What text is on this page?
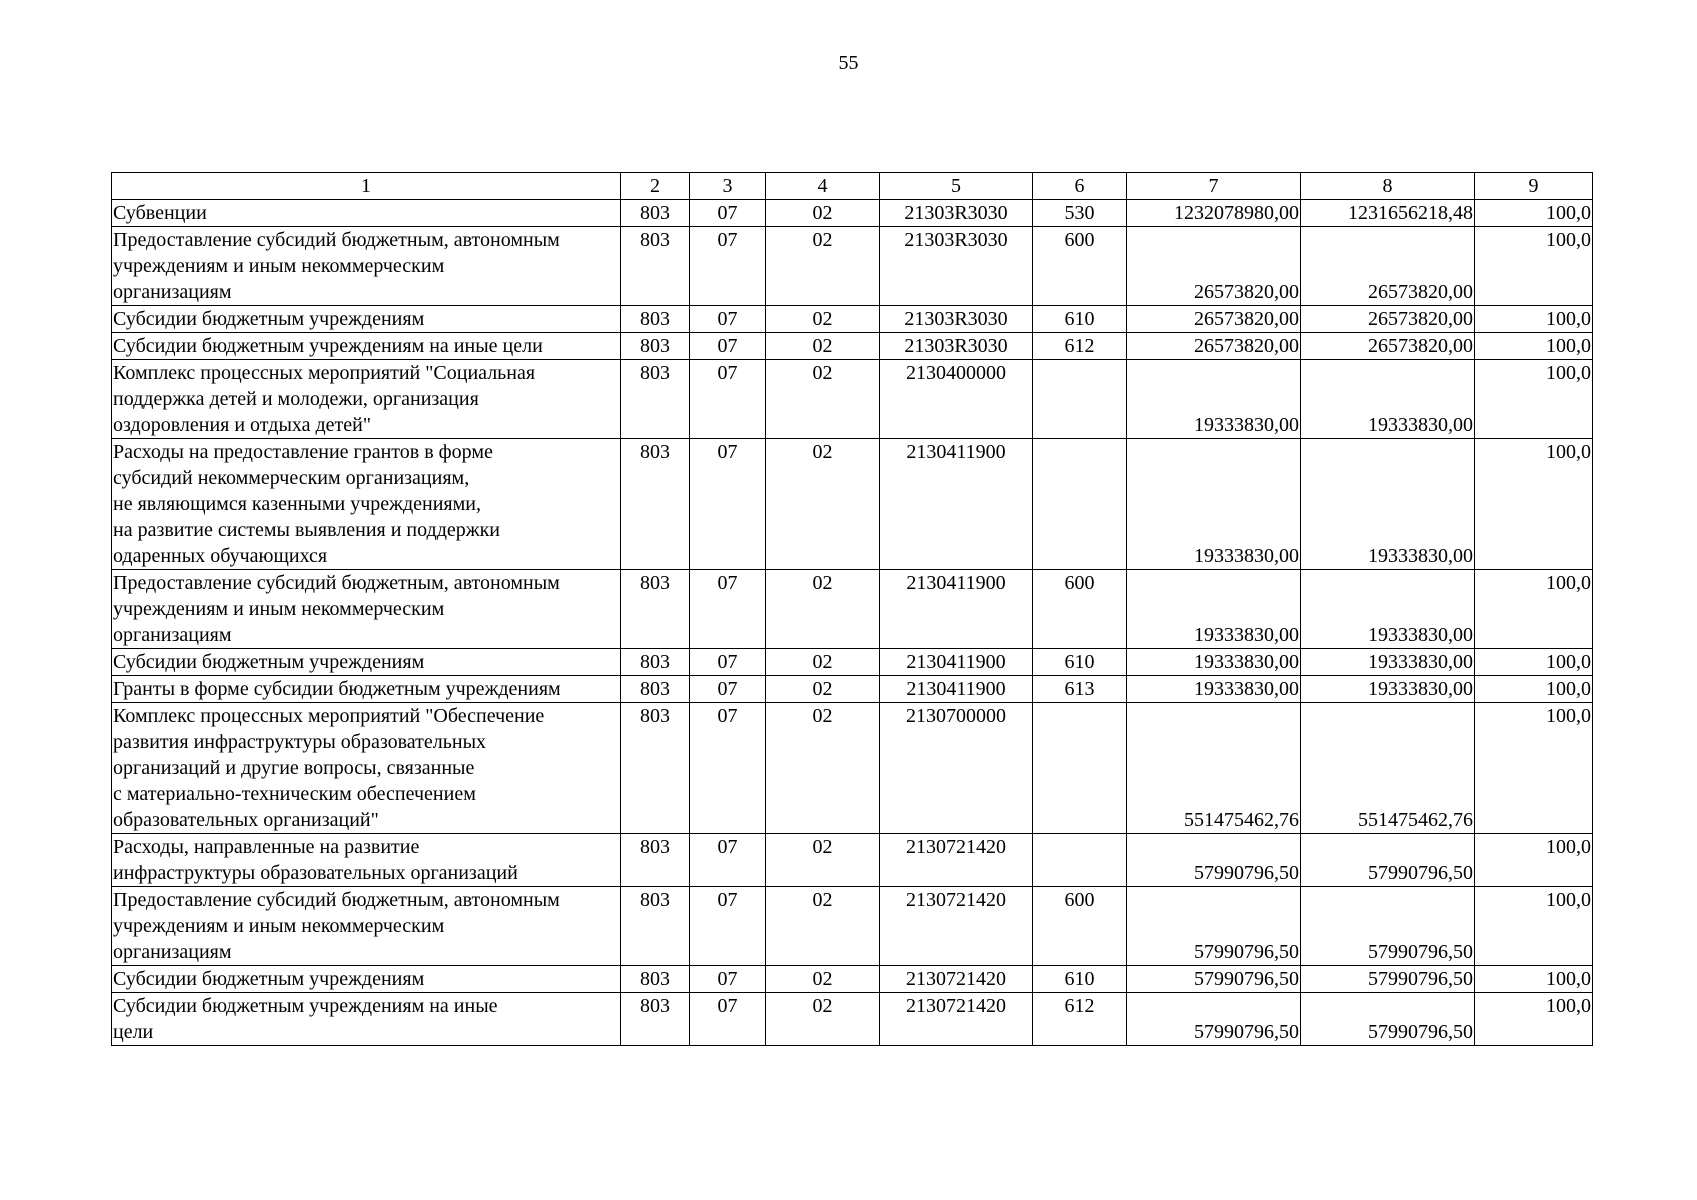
55
1	2	3	4	5	6	7	8	9

Субвенции	803	07	02	21303R3030	530	1232078980,00	1231656218,48	100,0

Предоставление субсидий бюджетным, автономным
учреждениям и иным некоммерческим
организациям	803	07	02	21303R3030	600	26573820,00	26573820,00	100,0

Субсидии бюджетным учреждениям	803	07	02	21303R3030	610	26573820,00	26573820,00	100,0

Субсидии бюджетным учреждениям на иные цели	803	07	02	21303R3030	612	26573820,00	26573820,00	100,0

Комплекс процессных мероприятий "Социальная
поддержка детей и молодежи, организация
оздоровления и отдыха детей"	803	07	02	2130400000		19333830,00	19333830,00	100,0

Расходы на предоставление грантов в форме
субсидий некоммерческим организациям,
не являющимся казенными учреждениями,
на развитие системы выявления и поддержки
одаренных обучающихся	803	07	02	2130411900		19333830,00	19333830,00	100,0

Предоставление субсидий бюджетным, автономным
учреждениям и иным некоммерческим
организациям	803	07	02	2130411900	600	19333830,00	19333830,00	100,0

Субсидии бюджетным учреждениям	803	07	02	2130411900	610	19333830,00	19333830,00	100,0

Гранты в форме субсидии бюджетным учреждениям	803	07	02	2130411900	613	19333830,00	19333830,00	100,0

Комплекс процессных мероприятий "Обеспечение
развития инфраструктуры образовательных
организаций и другие вопросы, связанные
с материально-техническим обеспечением
образовательных организаций"	803	07	02	2130700000		551475462,76	551475462,76	100,0

Расходы, направленные на развитие
инфраструктуры образовательных организаций	803	07	02	2130721420		57990796,50	57990796,50	100,0

Предоставление субсидий бюджетным, автономным
учреждениям и иным некоммерческим
организациям	803	07	02	2130721420	600	57990796,50	57990796,50	100,0

Субсидии бюджетным учреждениям	803	07	02	2130721420	610	57990796,50	57990796,50	100,0

Субсидии бюджетным учреждениям на иные
цели	803	07	02	2130721420	612	57990796,50	57990796,50	100,0
